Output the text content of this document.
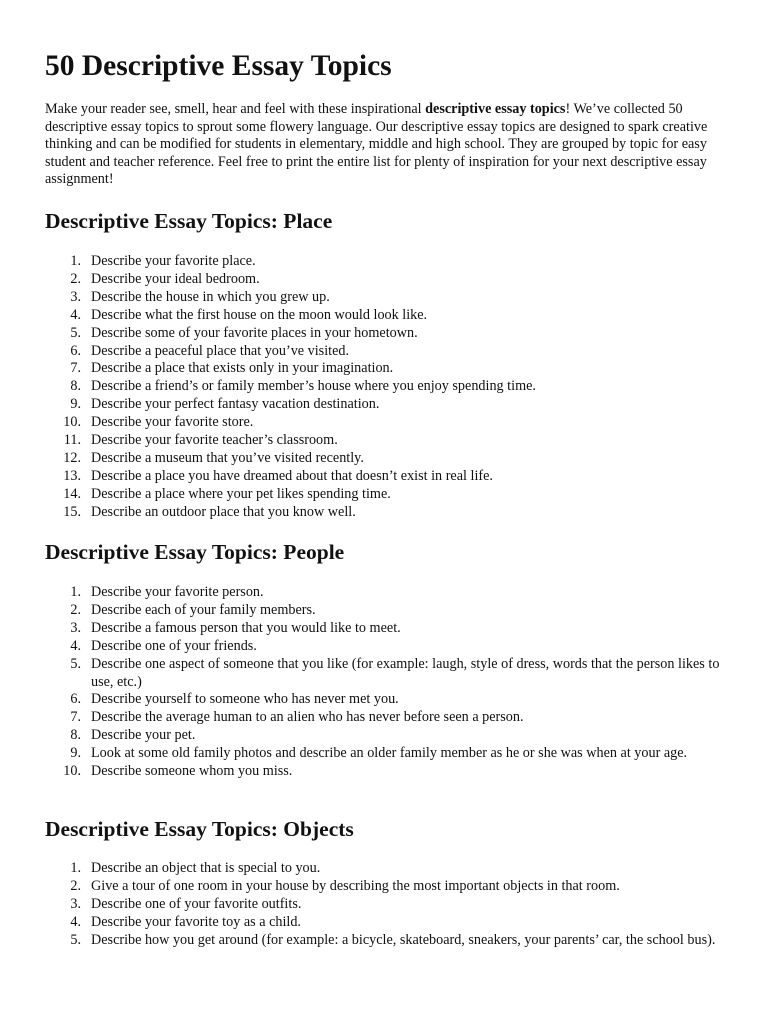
50 Descriptive Essay Topics

Make your reader see, smell, hear and feel with these inspirational descriptive essay topics! We’ve collected 50 descriptive essay topics to sprout some flowery language. Our descriptive essay topics are designed to spark creative thinking and can be modified for students in elementary, middle and high school. They are grouped by topic for easy student and teacher reference. Feel free to print the entire list for plenty of inspiration for your next descriptive essay assignment!

Descriptive Essay Topics: Place
1. Describe your favorite place.
2. Describe your ideal bedroom.
3. Describe the house in which you grew up.
4. Describe what the first house on the moon would look like.
5. Describe some of your favorite places in your hometown.
6. Describe a peaceful place that you’ve visited.
7. Describe a place that exists only in your imagination.
8. Describe a friend’s or family member’s house where you enjoy spending time.
9. Describe your perfect fantasy vacation destination.
10. Describe your favorite store.
11. Describe your favorite teacher’s classroom.
12. Describe a museum that you’ve visited recently.
13. Describe a place you have dreamed about that doesn’t exist in real life.
14. Describe a place where your pet likes spending time.
15. Describe an outdoor place that you know well.
Descriptive Essay Topics: People
1. Describe your favorite person.
2. Describe each of your family members.
3. Describe a famous person that you would like to meet.
4. Describe one of your friends.
5. Describe one aspect of someone that you like (for example: laugh, style of dress, words that the person likes to use, etc.)
6. Describe yourself to someone who has never met you.
7. Describe the average human to an alien who has never before seen a person.
8. Describe your pet.
9. Look at some old family photos and describe an older family member as he or she was when at your age.
10. Describe someone whom you miss.
Descriptive Essay Topics: Objects
1. Describe an object that is special to you.
2. Give a tour of one room in your house by describing the most important objects in that room.
3. Describe one of your favorite outfits.
4. Describe your favorite toy as a child.
5. Describe how you get around (for example: a bicycle, skateboard, sneakers, your parents’ car, the school bus).
